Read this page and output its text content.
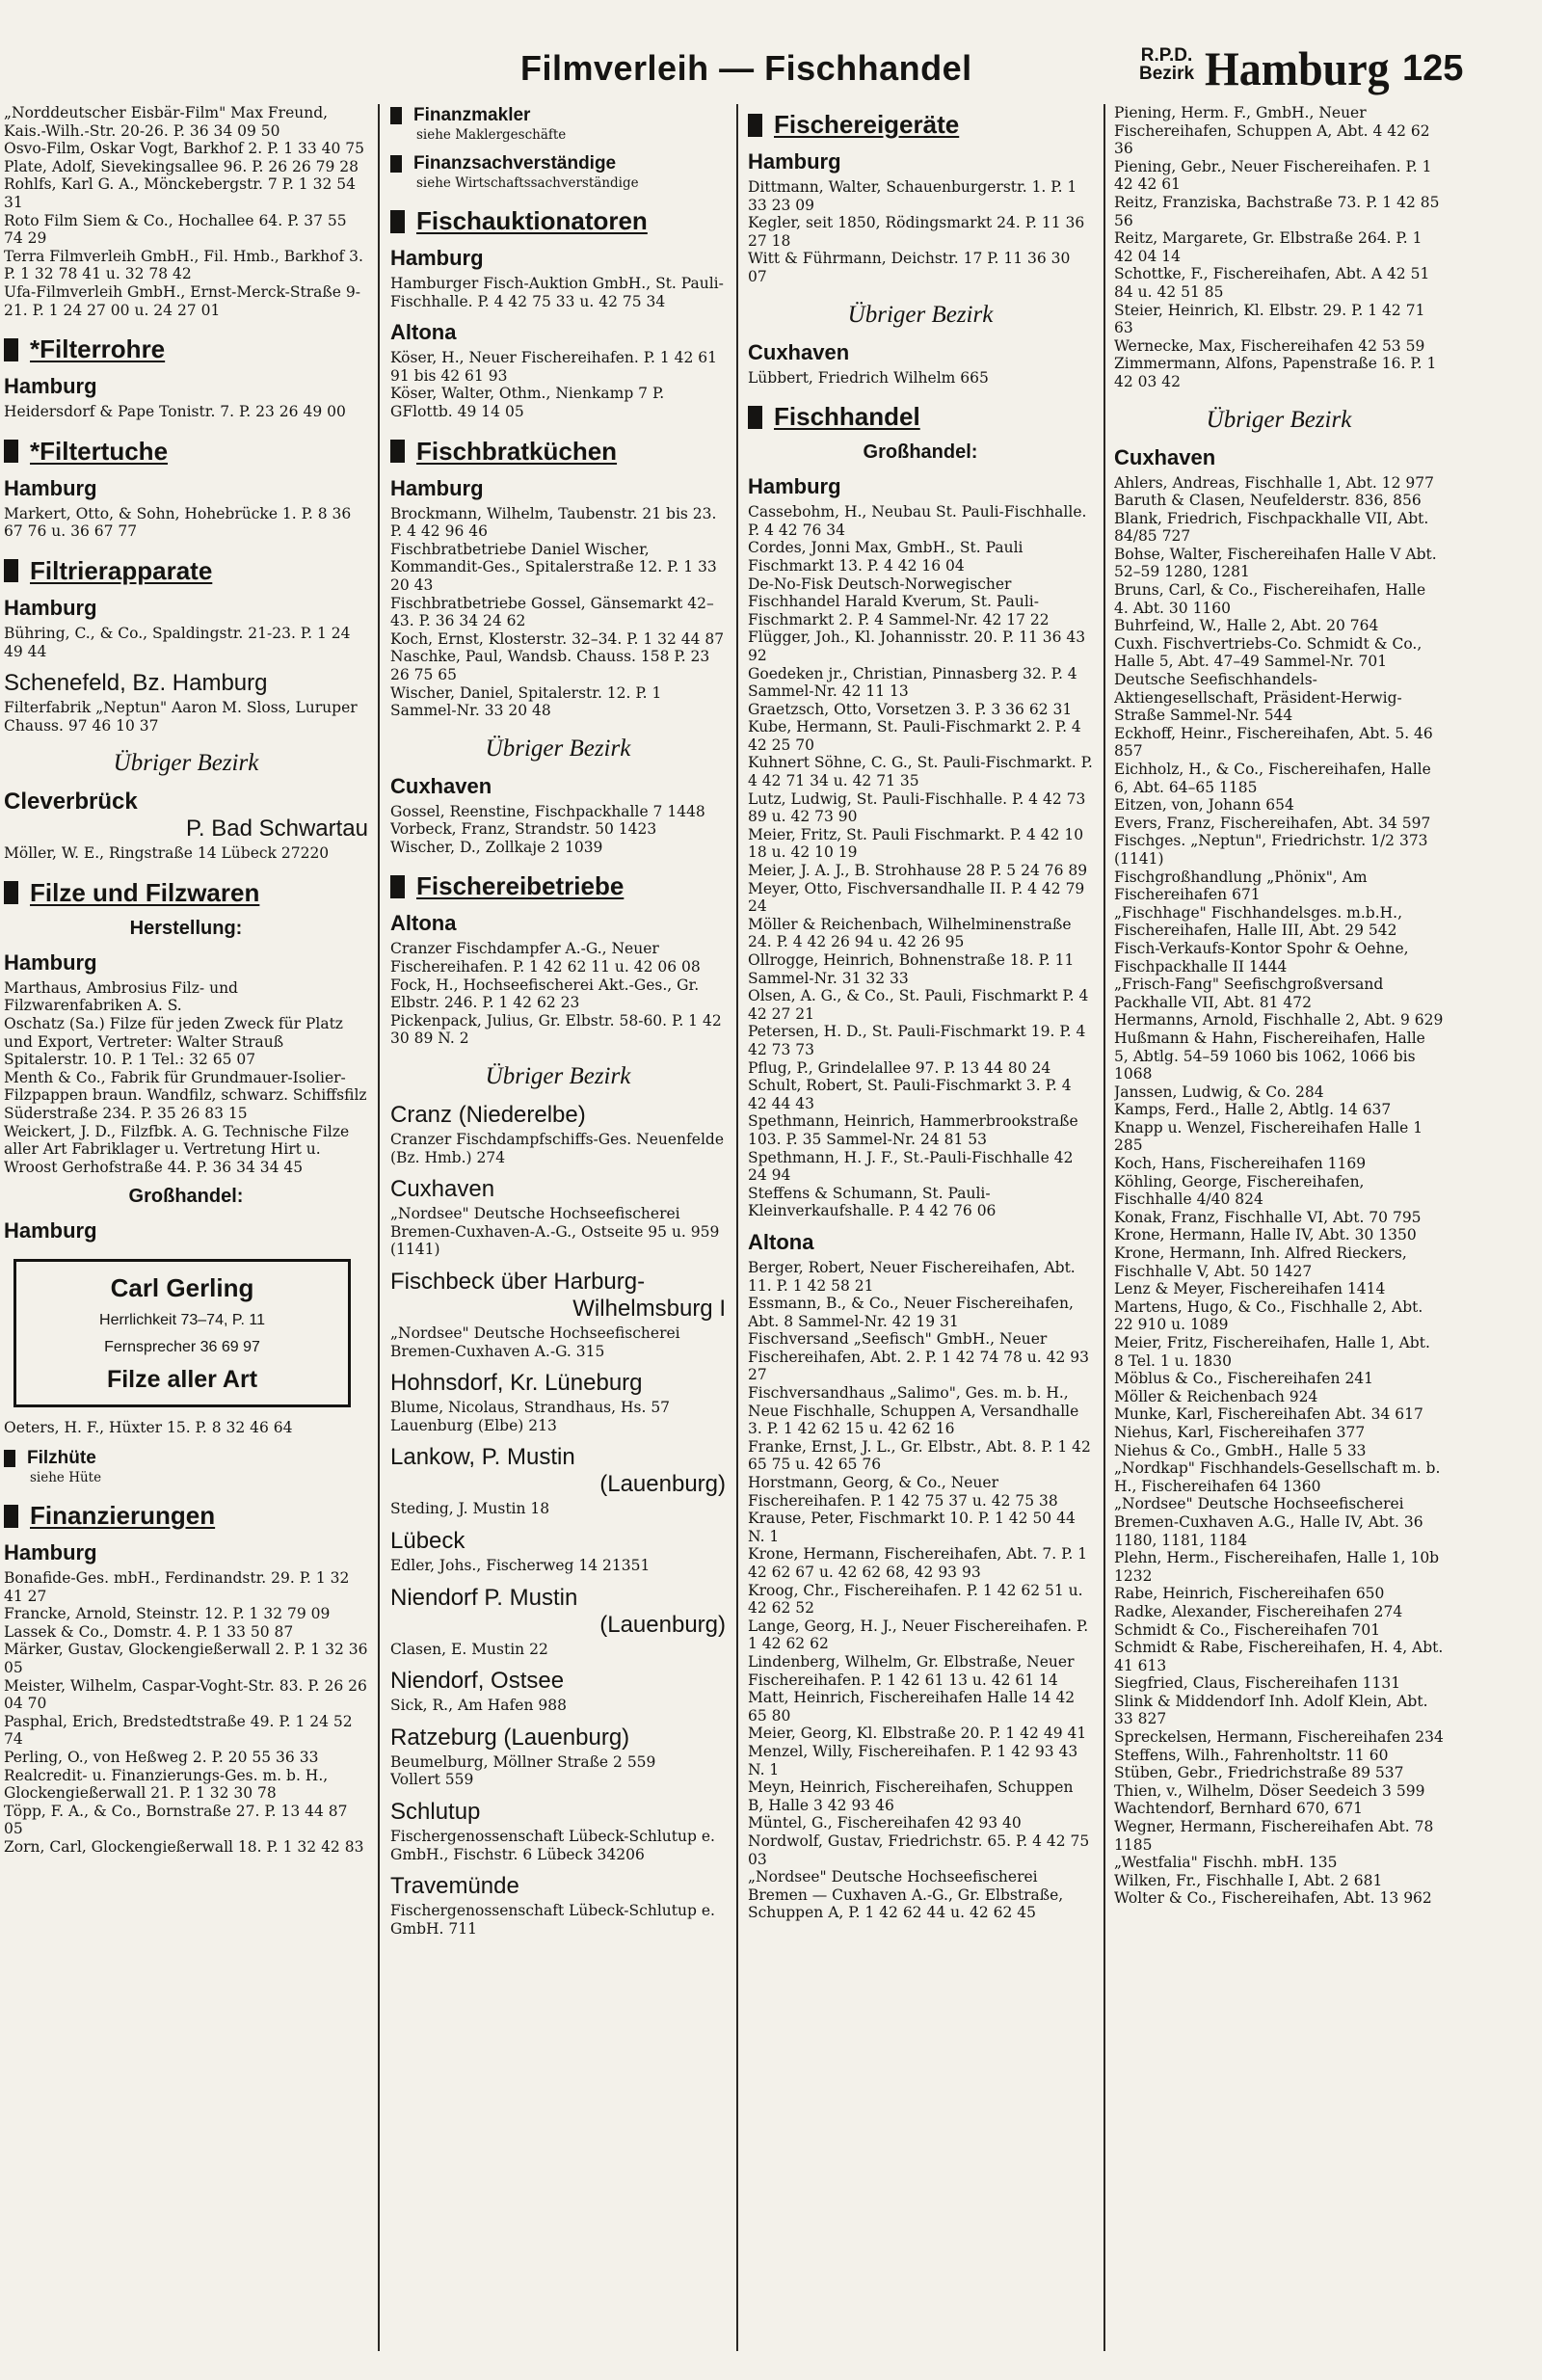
Filmverleih — Fischhandel	R.P.D.
Bezirk Hamburg 125

„Norddeutscher Eisbär-Film" Max Freund, Kais.-Wilh.-Str. 20-26. P. 36 34 09 50

Osvo-Film, Oskar Vogt, Barkhof 2. P. 1 33 40 75

Plate, Adolf, Sievekingsallee 96. P. 26 26 79 28

Rohlfs, Karl G. A., Mönckebergstr. 7 P. 1 32 54 31

Roto Film Siem & Co., Hochallee 64. P. 37 55 74 29

Terra Filmverleih GmbH., Fil. Hmb., Barkhof 3. P. 1 32 78 41 u. 32 78 42

Ufa-Filmverleih GmbH., Ernst-Merck-Straße 9-21. P. 1 24 27 00 u. 24 27 01

*Filterrohre
Hamburg

Heidersdorf & Pape Tonistr. 7. P. 23 26 49 00

*Filtertuche
Hamburg

Markert, Otto, & Sohn, Hohebrücke 1. P. 8 36 67 76 u. 36 67 77

Filtrierapparate
Hamburg

Bühring, C., & Co., Spaldingstr. 21-23. P. 1 24 49 44

Schenefeld, Bz. Hamburg

Filterfabrik „Neptun" Aaron M. Sloss, Luruper Chauss. 97 46 10 37

Übriger Bezirk
Cleverbrück
P. Bad Schwartau

Möller, W. E., Ringstraße 14 Lübeck 27220

Filze und Filzwaren
Herstellung:
Hamburg

Marthaus, Ambrosius Filz- und Filzwarenfabriken A. S.

Oschatz (Sa.) Filze für jeden Zweck für Platz und Export, Vertreter: Walter Strauß Spitalerstr. 10. P. 1 Tel.: 32 65 07

Menth & Co., Fabrik für Grundmauer-Isolier-Filzpappen braun. Wandfilz, schwarz. Schiffsfilz Süderstraße 234. P. 35 26 83 15

Weickert, J. D., Filzfbk. A. G. Technische Filze aller Art Fabriklager u. Vertretung Hirt u. Wroost Gerhofstraße 44. P. 36 34 34 45

Großhandel:
Hamburg
Carl Gerling
Herrlichkeit 73–74, P. 11
Fernsprecher 36 69 97
Filze aller Art

Oeters, H. F., Hüxter 15. P. 8 32 46 64

Filzhüte
siehe Hüte
Finanzierungen
Hamburg

Bonafide-Ges. mbH., Ferdinandstr. 29. P. 1 32 41 27

Francke, Arnold, Steinstr. 12. P. 1 32 79 09

Lassek & Co., Domstr. 4. P. 1 33 50 87

Märker, Gustav, Glockengießerwall 2. P. 1 32 36 05

Meister, Wilhelm, Caspar-Voght-Str. 83. P. 26 26 04 70

Pasphal, Erich, Bredstedtstraße 49. P. 1 24 52 74

Perling, O., von Heßweg 2. P. 20 55 36 33

Realcredit- u. Finanzierungs-Ges. m. b. H., Glockengießerwall 21. P. 1 32 30 78

Töpp, F. A., & Co., Bornstraße 27. P. 13 44 87 05

Zorn, Carl, Glockengießerwall 18. P. 1 32 42 83

Finanzmakler
siehe Maklergeschäfte
Finanzsachverständige
siehe Wirtschaftssachverständige
Fischauktionatoren
Hamburg

Hamburger Fisch-Auktion GmbH., St. Pauli-Fischhalle. P. 4 42 75 33 u. 42 75 34

Altona

Köser, H., Neuer Fischereihafen. P. 1 42 61 91 bis 42 61 93

Köser, Walter, Othm., Nienkamp 7 P. GFlottb. 49 14 05

Fischbratküchen
Hamburg

Brockmann, Wilhelm, Taubenstr. 21 bis 23. P. 4 42 96 46

Fischbratbetriebe Daniel Wischer, Kommandit-Ges., Spitalerstraße 12. P. 1 33 20 43

Fischbratbetriebe Gossel, Gänsemarkt 42–43. P. 36 34 24 62

Koch, Ernst, Klosterstr. 32–34. P. 1 32 44 87

Naschke, Paul, Wandsb. Chauss. 158 P. 23 26 75 65

Wischer, Daniel, Spitalerstr. 12. P. 1 Sammel-Nr. 33 20 48

Übriger Bezirk
Cuxhaven

Gossel, Reenstine, Fischpackhalle 7 1448

Vorbeck, Franz, Strandstr. 50 1423

Wischer, D., Zollkaje 2 1039

Fischereibetriebe
Altona

Cranzer Fischdampfer A.-G., Neuer Fischereihafen. P. 1 42 62 11 u. 42 06 08

Fock, H., Hochseefischerei Akt.-Ges., Gr. Elbstr. 246. P. 1 42 62 23

Pickenpack, Julius, Gr. Elbstr. 58-60. P. 1 42 30 89 N. 2

Übriger Bezirk
Cranz (Niederelbe)

Cranzer Fischdampfschiffs-Ges. Neuenfelde (Bz. Hmb.) 274

Cuxhaven

„Nordsee" Deutsche Hochseefischerei Bremen-Cuxhaven-A.-G., Ostseite 95 u. 959 (1141)

Fischbeck über Harburg-
Wilhelmsburg I

„Nordsee" Deutsche Hochseefischerei Bremen-Cuxhaven A.-G. 315

Hohnsdorf, Kr. Lüneburg

Blume, Nicolaus, Strandhaus, Hs. 57 Lauenburg (Elbe) 213

Lankow, P. Mustin
(Lauenburg)

Steding, J. Mustin 18

Lübeck

Edler, Johs., Fischerweg 14 21351

Niendorf P. Mustin
(Lauenburg)

Clasen, E. Mustin 22

Niendorf, Ostsee

Sick, R., Am Hafen 988

Ratzeburg (Lauenburg)

Beumelburg, Möllner Straße 2 559

Vollert 559

Schlutup

Fischergenossenschaft Lübeck-Schlutup e. GmbH., Fischstr. 6 Lübeck 34206

Travemünde

Fischergenossenschaft Lübeck-Schlutup e. GmbH. 711

Fischereigeräte
Hamburg

Dittmann, Walter, Schauenburgerstr. 1. P. 1 33 23 09

Kegler, seit 1850, Rödingsmarkt 24. P. 11 36 27 18

Witt & Führmann, Deichstr. 17 P. 11 36 30 07

Übriger Bezirk
Cuxhaven

Lübbert, Friedrich Wilhelm 665

Fischhandel
Großhandel:
Hamburg

Cassebohm, H., Neubau St. Pauli-Fischhalle. P. 4 42 76 34

Cordes, Jonni Max, GmbH., St. Pauli Fischmarkt 13. P. 4 42 16 04

De-No-Fisk Deutsch-Norwegischer Fischhandel Harald Kverum, St. Pauli-Fischmarkt 2. P. 4 Sammel-Nr. 42 17 22

Flügger, Joh., Kl. Johannisstr. 20. P. 11 36 43 92

Goedeken jr., Christian, Pinnasberg 32. P. 4 Sammel-Nr. 42 11 13

Graetzsch, Otto, Vorsetzen 3. P. 3 36 62 31

Kube, Hermann, St. Pauli-Fischmarkt 2. P. 4 42 25 70

Kuhnert Söhne, C. G., St. Pauli-Fischmarkt. P. 4 42 71 34 u. 42 71 35

Lutz, Ludwig, St. Pauli-Fischhalle. P. 4 42 73 89 u. 42 73 90

Meier, Fritz, St. Pauli Fischmarkt. P. 4 42 10 18 u. 42 10 19

Meier, J. A. J., B. Strohhause 28 P. 5 24 76 89

Meyer, Otto, Fischversandhalle II. P. 4 42 79 24

Möller & Reichenbach, Wilhelminenstraße 24. P. 4 42 26 94 u. 42 26 95

Ollrogge, Heinrich, Bohnenstraße 18. P. 11 Sammel-Nr. 31 32 33

Olsen, A. G., & Co., St. Pauli, Fischmarkt P. 4 42 27 21

Petersen, H. D., St. Pauli-Fischmarkt 19. P. 4 42 73 73

Pflug, P., Grindelallee 97. P. 13 44 80 24

Schult, Robert, St. Pauli-Fischmarkt 3. P. 4 42 44 43

Spethmann, Heinrich, Hammerbrookstraße 103. P. 35 Sammel-Nr. 24 81 53

Spethmann, H. J. F., St.-Pauli-Fischhalle 42 24 94

Steffens & Schumann, St. Pauli-Kleinverkaufshalle. P. 4 42 76 06

Altona

Berger, Robert, Neuer Fischereihafen, Abt. 11. P. 1 42 58 21

Essmann, B., & Co., Neuer Fischereihafen, Abt. 8 Sammel-Nr. 42 19 31

Fischversand „Seefisch" GmbH., Neuer Fischereihafen, Abt. 2. P. 1 42 74 78 u. 42 93 27

Fischversandhaus „Salimo", Ges. m. b. H., Neue Fischhalle, Schuppen A, Versandhalle 3. P. 1 42 62 15 u. 42 62 16

Franke, Ernst, J. L., Gr. Elbstr., Abt. 8. P. 1 42 65 75 u. 42 65 76

Horstmann, Georg, & Co., Neuer Fischereihafen. P. 1 42 75 37 u. 42 75 38

Krause, Peter, Fischmarkt 10. P. 1 42 50 44 N. 1

Krone, Hermann, Fischereihafen, Abt. 7. P. 1 42 62 67 u. 42 62 68, 42 93 93

Kroog, Chr., Fischereihafen. P. 1 42 62 51 u. 42 62 52

Lange, Georg, H. J., Neuer Fischereihafen. P. 1 42 62 62

Lindenberg, Wilhelm, Gr. Elbstraße, Neuer Fischereihafen. P. 1 42 61 13 u. 42 61 14

Matt, Heinrich, Fischereihafen Halle 14 42 65 80

Meier, Georg, Kl. Elbstraße 20. P. 1 42 49 41

Menzel, Willy, Fischereihafen. P. 1 42 93 43 N. 1

Meyn, Heinrich, Fischereihafen, Schuppen B, Halle 3 42 93 46

Müntel, G., Fischereihafen 42 93 40

Nordwolf, Gustav, Friedrichstr. 65. P. 4 42 75 03

„Nordsee" Deutsche Hochseefischerei Bremen — Cuxhaven A.-G., Gr. Elbstraße, Schuppen A, P. 1 42 62 44 u. 42 62 45

Piening, Herm. F., GmbH., Neuer Fischereihafen, Schuppen A, Abt. 4 42 62 36

Piening, Gebr., Neuer Fischereihafen. P. 1 42 42 61

Reitz, Franziska, Bachstraße 73. P. 1 42 85 56

Reitz, Margarete, Gr. Elbstraße 264. P. 1 42 04 14

Schottke, F., Fischereihafen, Abt. A 42 51 84 u. 42 51 85

Steier, Heinrich, Kl. Elbstr. 29. P. 1 42 71 63

Wernecke, Max, Fischereihafen 42 53 59

Zimmermann, Alfons, Papenstraße 16. P. 1 42 03 42

Übriger Bezirk
Cuxhaven

Ahlers, Andreas, Fischhalle 1, Abt. 12 977

Baruth & Clasen, Neufelderstr. 836, 856

Blank, Friedrich, Fischpackhalle VII, Abt. 84/85 727

Bohse, Walter, Fischereihafen Halle V Abt. 52–59 1280, 1281

Bruns, Carl, & Co., Fischereihafen, Halle 4. Abt. 30 1160

Buhrfeind, W., Halle 2, Abt. 20 764

Cuxh. Fischvertriebs-Co. Schmidt & Co., Halle 5, Abt. 47–49 Sammel-Nr. 701

Deutsche Seefischhandels-Aktiengesellschaft, Präsident-Herwig-Straße Sammel-Nr. 544

Eckhoff, Heinr., Fischereihafen, Abt. 5. 46 857

Eichholz, H., & Co., Fischereihafen, Halle 6, Abt. 64–65 1185

Eitzen, von, Johann 654

Evers, Franz, Fischereihafen, Abt. 34 597

Fischges. „Neptun", Friedrichstr. 1/2 373 (1141)

Fischgroßhandlung „Phönix", Am Fischereihafen 671

„Fischhage" Fischhandelsges. m.b.H., Fischereihafen, Halle III, Abt. 29 542

Fisch-Verkaufs-Kontor Spohr & Oehne, Fischpackhalle II 1444

„Frisch-Fang" Seefischgroßversand Packhalle VII, Abt. 81 472

Hermanns, Arnold, Fischhalle 2, Abt. 9 629

Hußmann & Hahn, Fischereihafen, Halle 5, Abtlg. 54–59 1060 bis 1062, 1066 bis 1068

Janssen, Ludwig, & Co. 284

Kamps, Ferd., Halle 2, Abtlg. 14 637

Knapp u. Wenzel, Fischereihafen Halle 1 285

Koch, Hans, Fischereihafen 1169

Köhling, George, Fischereihafen, Fischhalle 4/40 824

Konak, Franz, Fischhalle VI, Abt. 70 795

Krone, Hermann, Halle IV, Abt. 30 1350

Krone, Hermann, Inh. Alfred Rieckers, Fischhalle V, Abt. 50 1427

Lenz & Meyer, Fischereihafen 1414

Martens, Hugo, & Co., Fischhalle 2, Abt. 22 910 u. 1089

Meier, Fritz, Fischereihafen, Halle 1, Abt. 8 Tel. 1 u. 1830

Möblus & Co., Fischereihafen 241

Möller & Reichenbach 924

Munke, Karl, Fischereihafen Abt. 34 617

Niehus, Karl, Fischereihafen 377

Niehus & Co., GmbH., Halle 5 33

„Nordkap" Fischhandels-Gesellschaft m. b. H., Fischereihafen 64 1360

„Nordsee" Deutsche Hochseefischerei Bremen-Cuxhaven A.G., Halle IV, Abt. 36 1180, 1181, 1184

Plehn, Herm., Fischereihafen, Halle 1, 10b 1232

Rabe, Heinrich, Fischereihafen 650

Radke, Alexander, Fischereihafen 274

Schmidt & Co., Fischereihafen 701

Schmidt & Rabe, Fischereihafen, H. 4, Abt. 41 613

Siegfried, Claus, Fischereihafen 1131

Slink & Middendorf Inh. Adolf Klein, Abt. 33 827

Spreckelsen, Hermann, Fischereihafen 234

Steffens, Wilh., Fahrenholtstr. 11 60

Stüben, Gebr., Friedrichstraße 89 537

Thien, v., Wilhelm, Döser Seedeich 3 599

Wachtendorf, Bernhard 670, 671

Wegner, Hermann, Fischereihafen Abt. 78 1185

„Westfalia" Fischh. mbH. 135

Wilken, Fr., Fischhalle I, Abt. 2 681

Wolter & Co., Fischereihafen, Abt. 13 962
